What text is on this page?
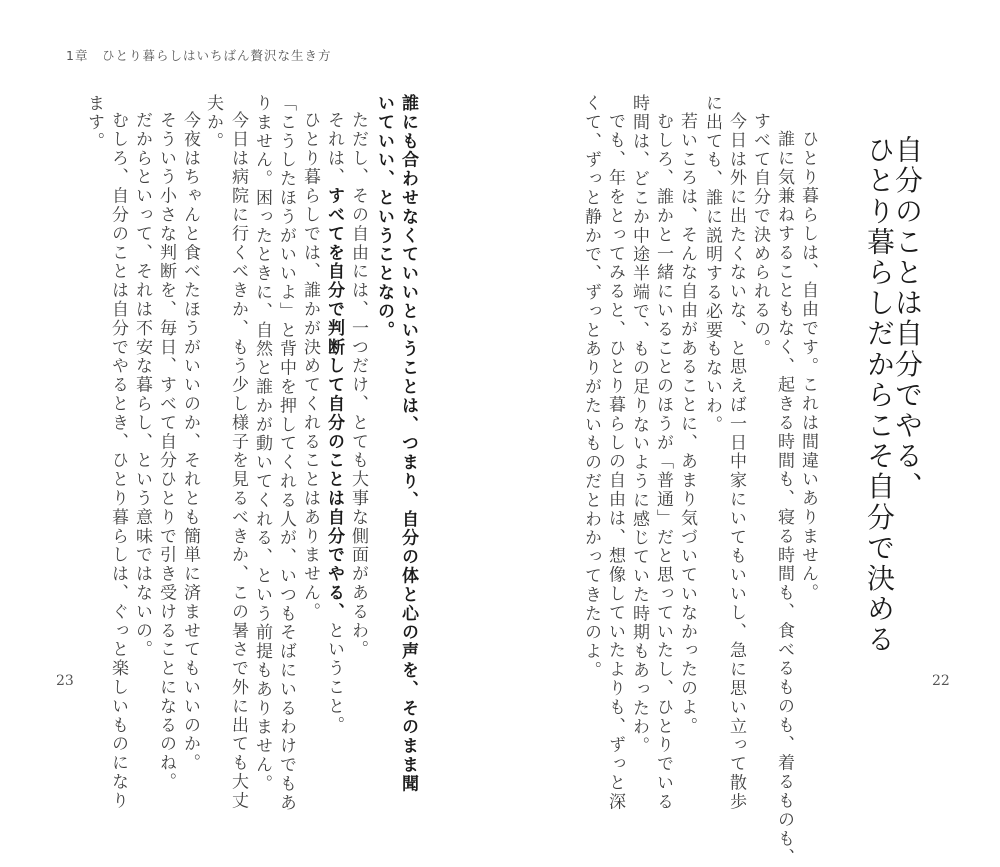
1章　ひとり暮らしはいちばん贅沢な生き方
誰にも合わせなくていいということは、つまり、自分の体と心の声を、そのまま聞
いていい、ということなの。
ただし、その自由には、一つだけ、とても大事な側面があるわ。
それは、すべてを自分で判断して自分のことは自分でやる、ということ。
ひとり暮らしでは、誰かが決めてくれることはありません。
「こうしたほうがいいよ」と背中を押してくれる人が、いつもそばにいるわけでもあ
りません。困ったときに、自然と誰かが動いてくれる、という前提もありません。
今日は病院に行くべきか、もう少し様子を見るべきか、この暑さで外に出ても大丈
夫か。
今夜はちゃんと食べたほうがいいのか、それとも簡単に済ませてもいいのか。
そういう小さな判断を、毎日、すべて自分ひとりで引き受けることになるのね。
だからといって、それは不安な暮らし、という意味ではないの。
むしろ、自分のことは自分でやるとき、ひとり暮らしは、ぐっと楽しいものになり
ます。
23
自分のことは自分でやる、
ひとり暮らしだからこそ自分で決める
ひとり暮らしは、自由です。これは間違いありません。
誰に気兼ねすることもなく、起きる時間も、寝る時間も、食べるものも、着るものも、
すべて自分で決められるの。
今日は外に出たくないな、と思えば一日中家にいてもいいし、急に思い立って散歩
に出ても、誰に説明する必要もないわ。
若いころは、そんな自由があることに、あまり気づいていなかったのよ。
むしろ、誰かと一緒にいることのほうが「普通」だと思っていたし、ひとりでいる
時間は、どこか中途半端で、もの足りないように感じていた時期もあったわ。
でも、年をとってみると、ひとり暮らしの自由は、想像していたよりも、ずっと深
くて、ずっと静かで、ずっとありがたいものだとわかってきたのよ。
22
